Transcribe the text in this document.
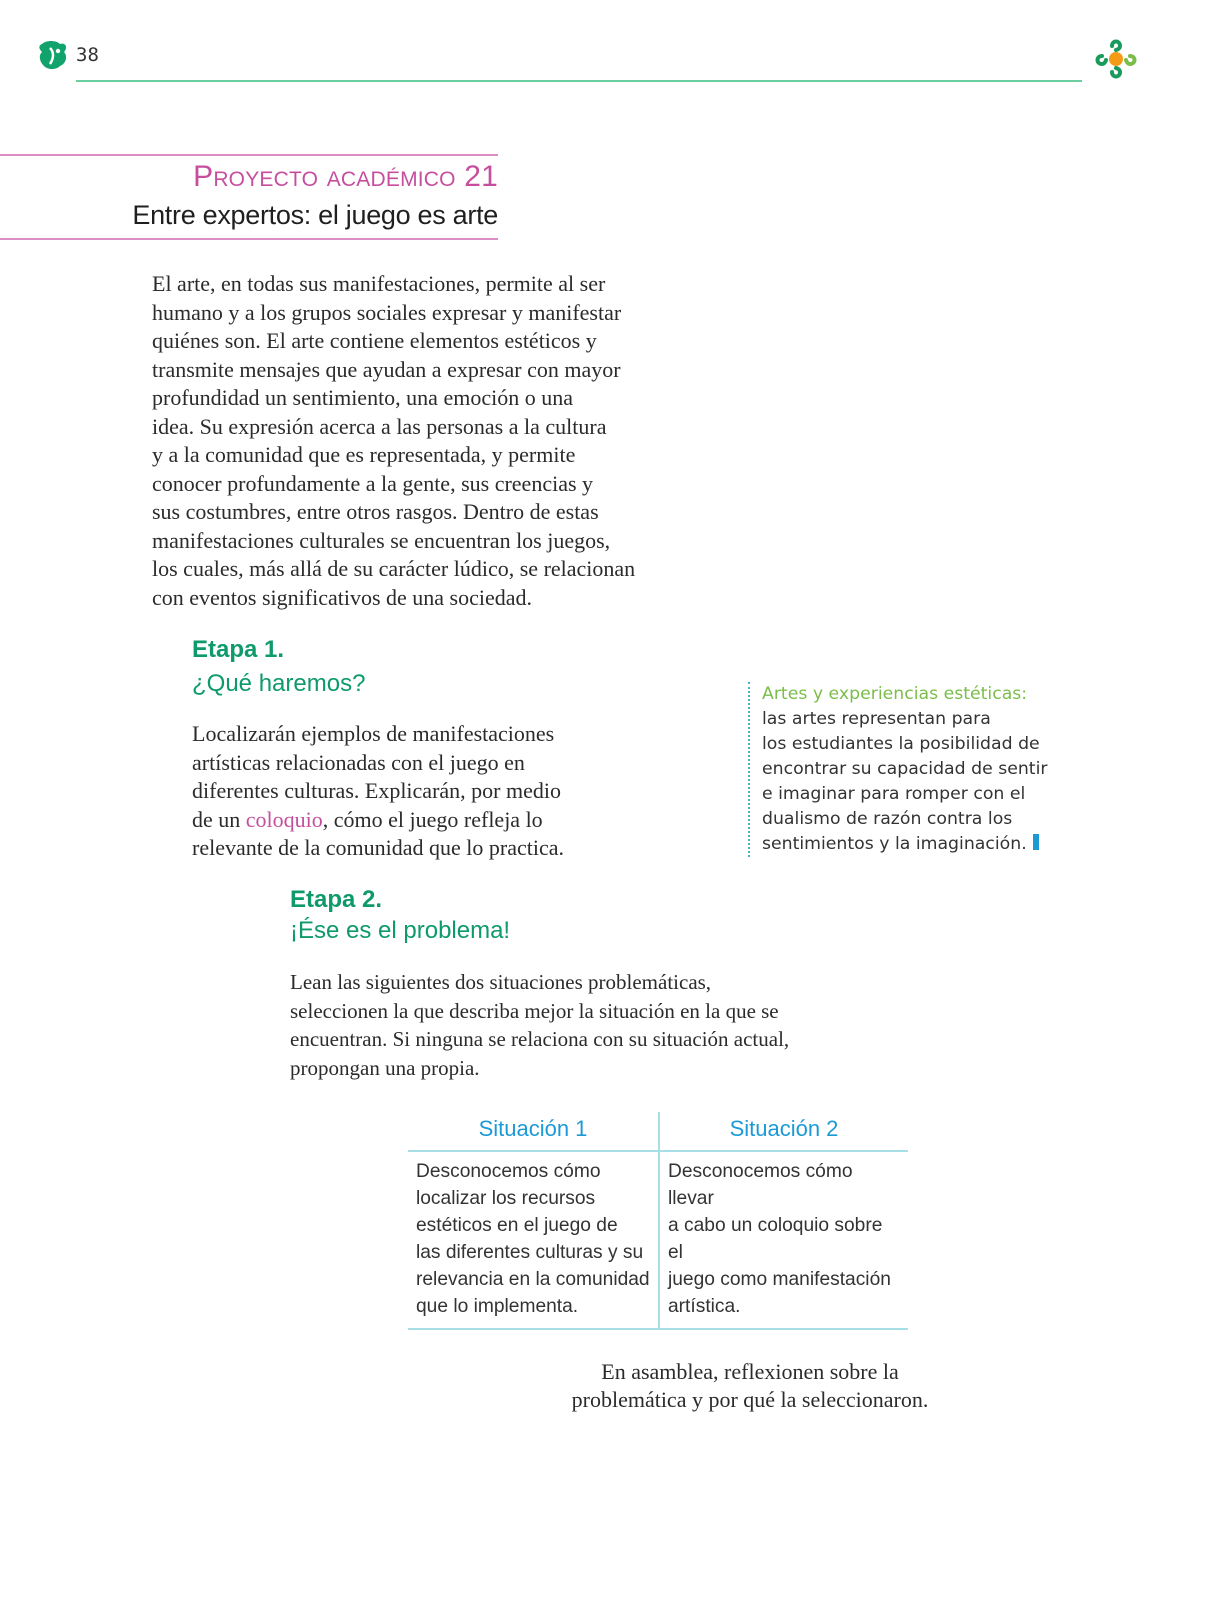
38
Proyecto académico 21
Entre expertos: el juego es arte
El arte, en todas sus manifestaciones, permite al ser
humano y a los grupos sociales expresar y manifestar
quiénes son. El arte contiene elementos estéticos y
transmite mensajes que ayudan a expresar con mayor
profundidad un sentimiento, una emoción o una
idea. Su expresión acerca a las personas a la cultura
y a la comunidad que es representada, y permite
conocer profundamente a la gente, sus creencias y
sus costumbres, entre otros rasgos. Dentro de estas
manifestaciones culturales se encuentran los juegos,
los cuales, más allá de su carácter lúdico, se relacionan
con eventos significativos de una sociedad.
Etapa 1.
¿Qué haremos?
Localizarán ejemplos de manifestaciones
artísticas relacionadas con el juego en
diferentes culturas. Explicarán, por medio
de un coloquio, cómo el juego refleja lo
relevante de la comunidad que lo practica.
Artes y experiencias estéticas:
las artes representan para
los estudiantes la posibilidad de
encontrar su capacidad de sentir
e imaginar para romper con el
dualismo de razón contra los
sentimientos y la imaginación.
Etapa 2.
¡Ése es el problema!
Lean las siguientes dos situaciones problemáticas,
seleccionen la que describa mejor la situación en la que se
encuentran. Si ninguna se relaciona con su situación actual,
propongan una propia.
Situación 1
Desconocemos cómo
localizar los recursos
estéticos en el juego de
las diferentes culturas y su
relevancia en la comunidad
que lo implementa.
Situación 2
Desconocemos cómo llevar
a cabo un coloquio sobre el
juego como manifestación
artística.
En asamblea, reflexionen sobre la
problemática y por qué la seleccionaron.
